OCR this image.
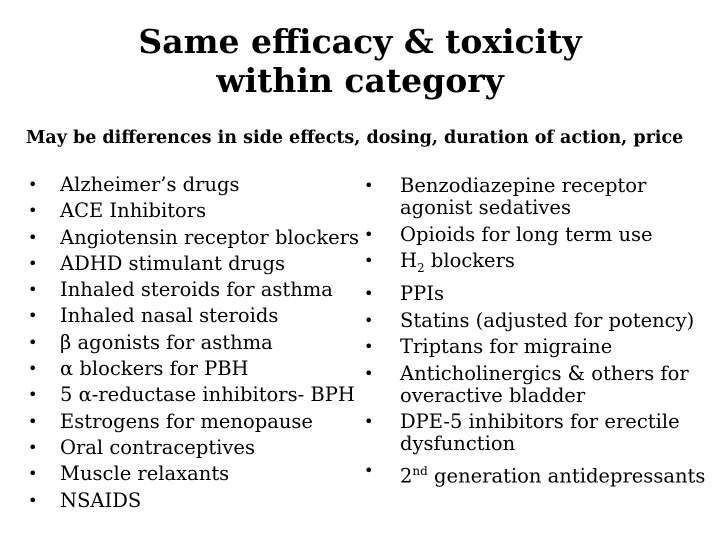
Same efficacy & toxicity
within category
May be differences in side effects, dosing, duration of action, price
• Alzheimer’s drugs
• ACE Inhibitors
• Angiotensin receptor blockers
• ADHD stimulant drugs
• Inhaled steroids for asthma
• Inhaled nasal steroids
• β agonists for asthma
• α blockers for PBH
• 5 α-reductase inhibitors- BPH
• Estrogens for menopause
• Oral contraceptives
• Muscle relaxants
• NSAIDS
• Benzodiazepine receptor agonist sedatives
• Opioids for long term use
• $H_2$ blockers
• PPIs
• Statins (adjusted for potency)
• Triptans for migraine
• Anticholinergics & others for overactive bladder
• DPE-5 inhibitors for erectile dysfunction
• 2nd generation antidepressants
